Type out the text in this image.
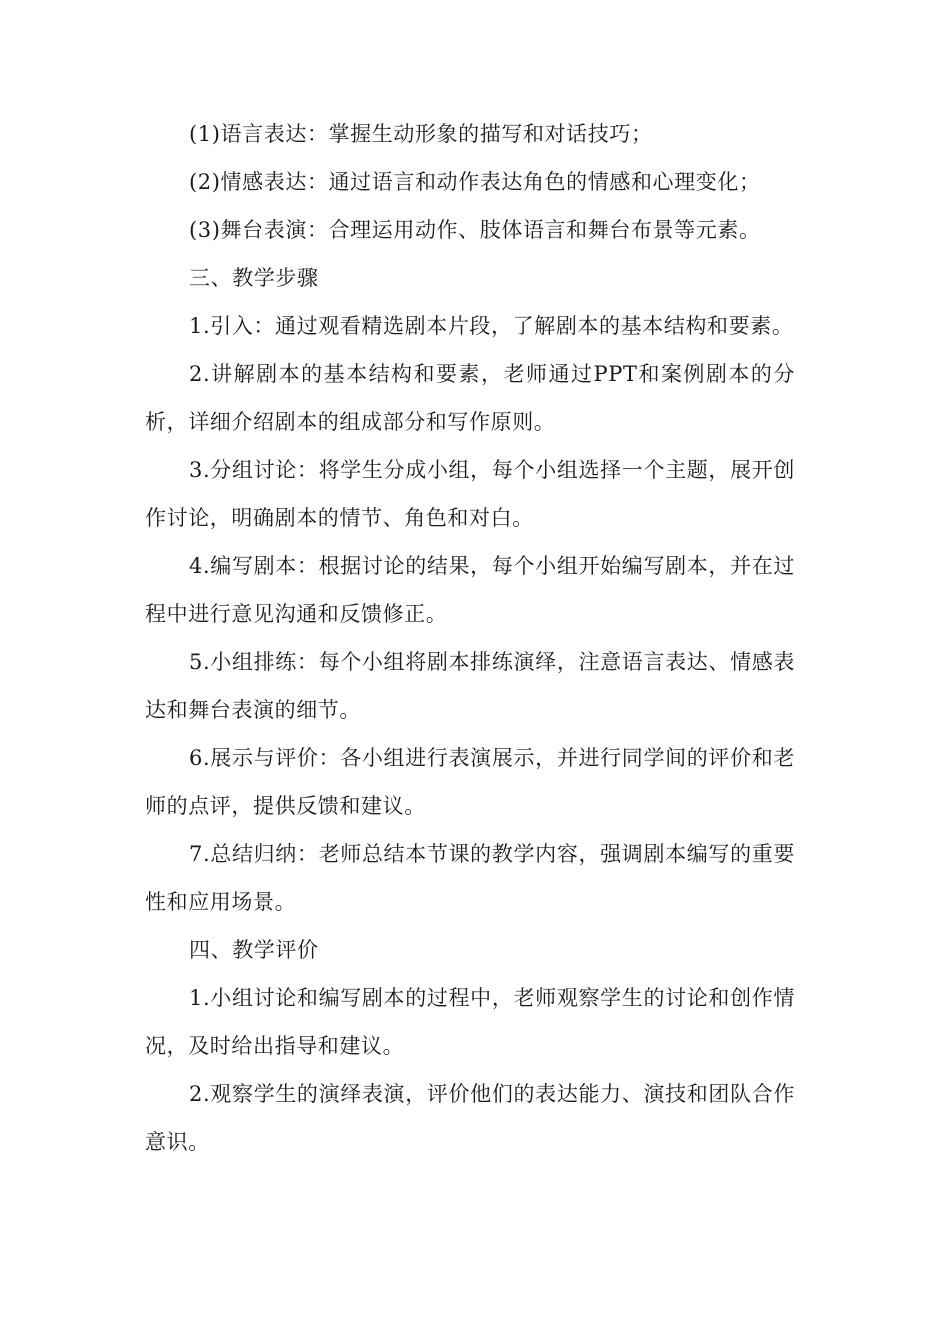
(1)语言表达：掌握生动形象的描写和对话技巧；

(2)情感表达：通过语言和动作表达角色的情感和心理变化；

(3)舞台表演：合理运用动作、肢体语言和舞台布景等元素。

三、教学步骤

1.引入：通过观看精选剧本片段，了解剧本的基本结构和要素。

2.讲解剧本的基本结构和要素，老师通过PPT和案例剧本的分析，详细介绍剧本的组成部分和写作原则。

3.分组讨论：将学生分成小组，每个小组选择一个主题，展开创作讨论，明确剧本的情节、角色和对白。

4.编写剧本：根据讨论的结果，每个小组开始编写剧本，并在过程中进行意见沟通和反馈修正。

5.小组排练：每个小组将剧本排练演绎，注意语言表达、情感表达和舞台表演的细节。

6.展示与评价：各小组进行表演展示，并进行同学间的评价和老师的点评，提供反馈和建议。

7.总结归纳：老师总结本节课的教学内容，强调剧本编写的重要性和应用场景。

四、教学评价

1.小组讨论和编写剧本的过程中，老师观察学生的讨论和创作情况，及时给出指导和建议。

2.观察学生的演绎表演，评价他们的表达能力、演技和团队合作意识。
